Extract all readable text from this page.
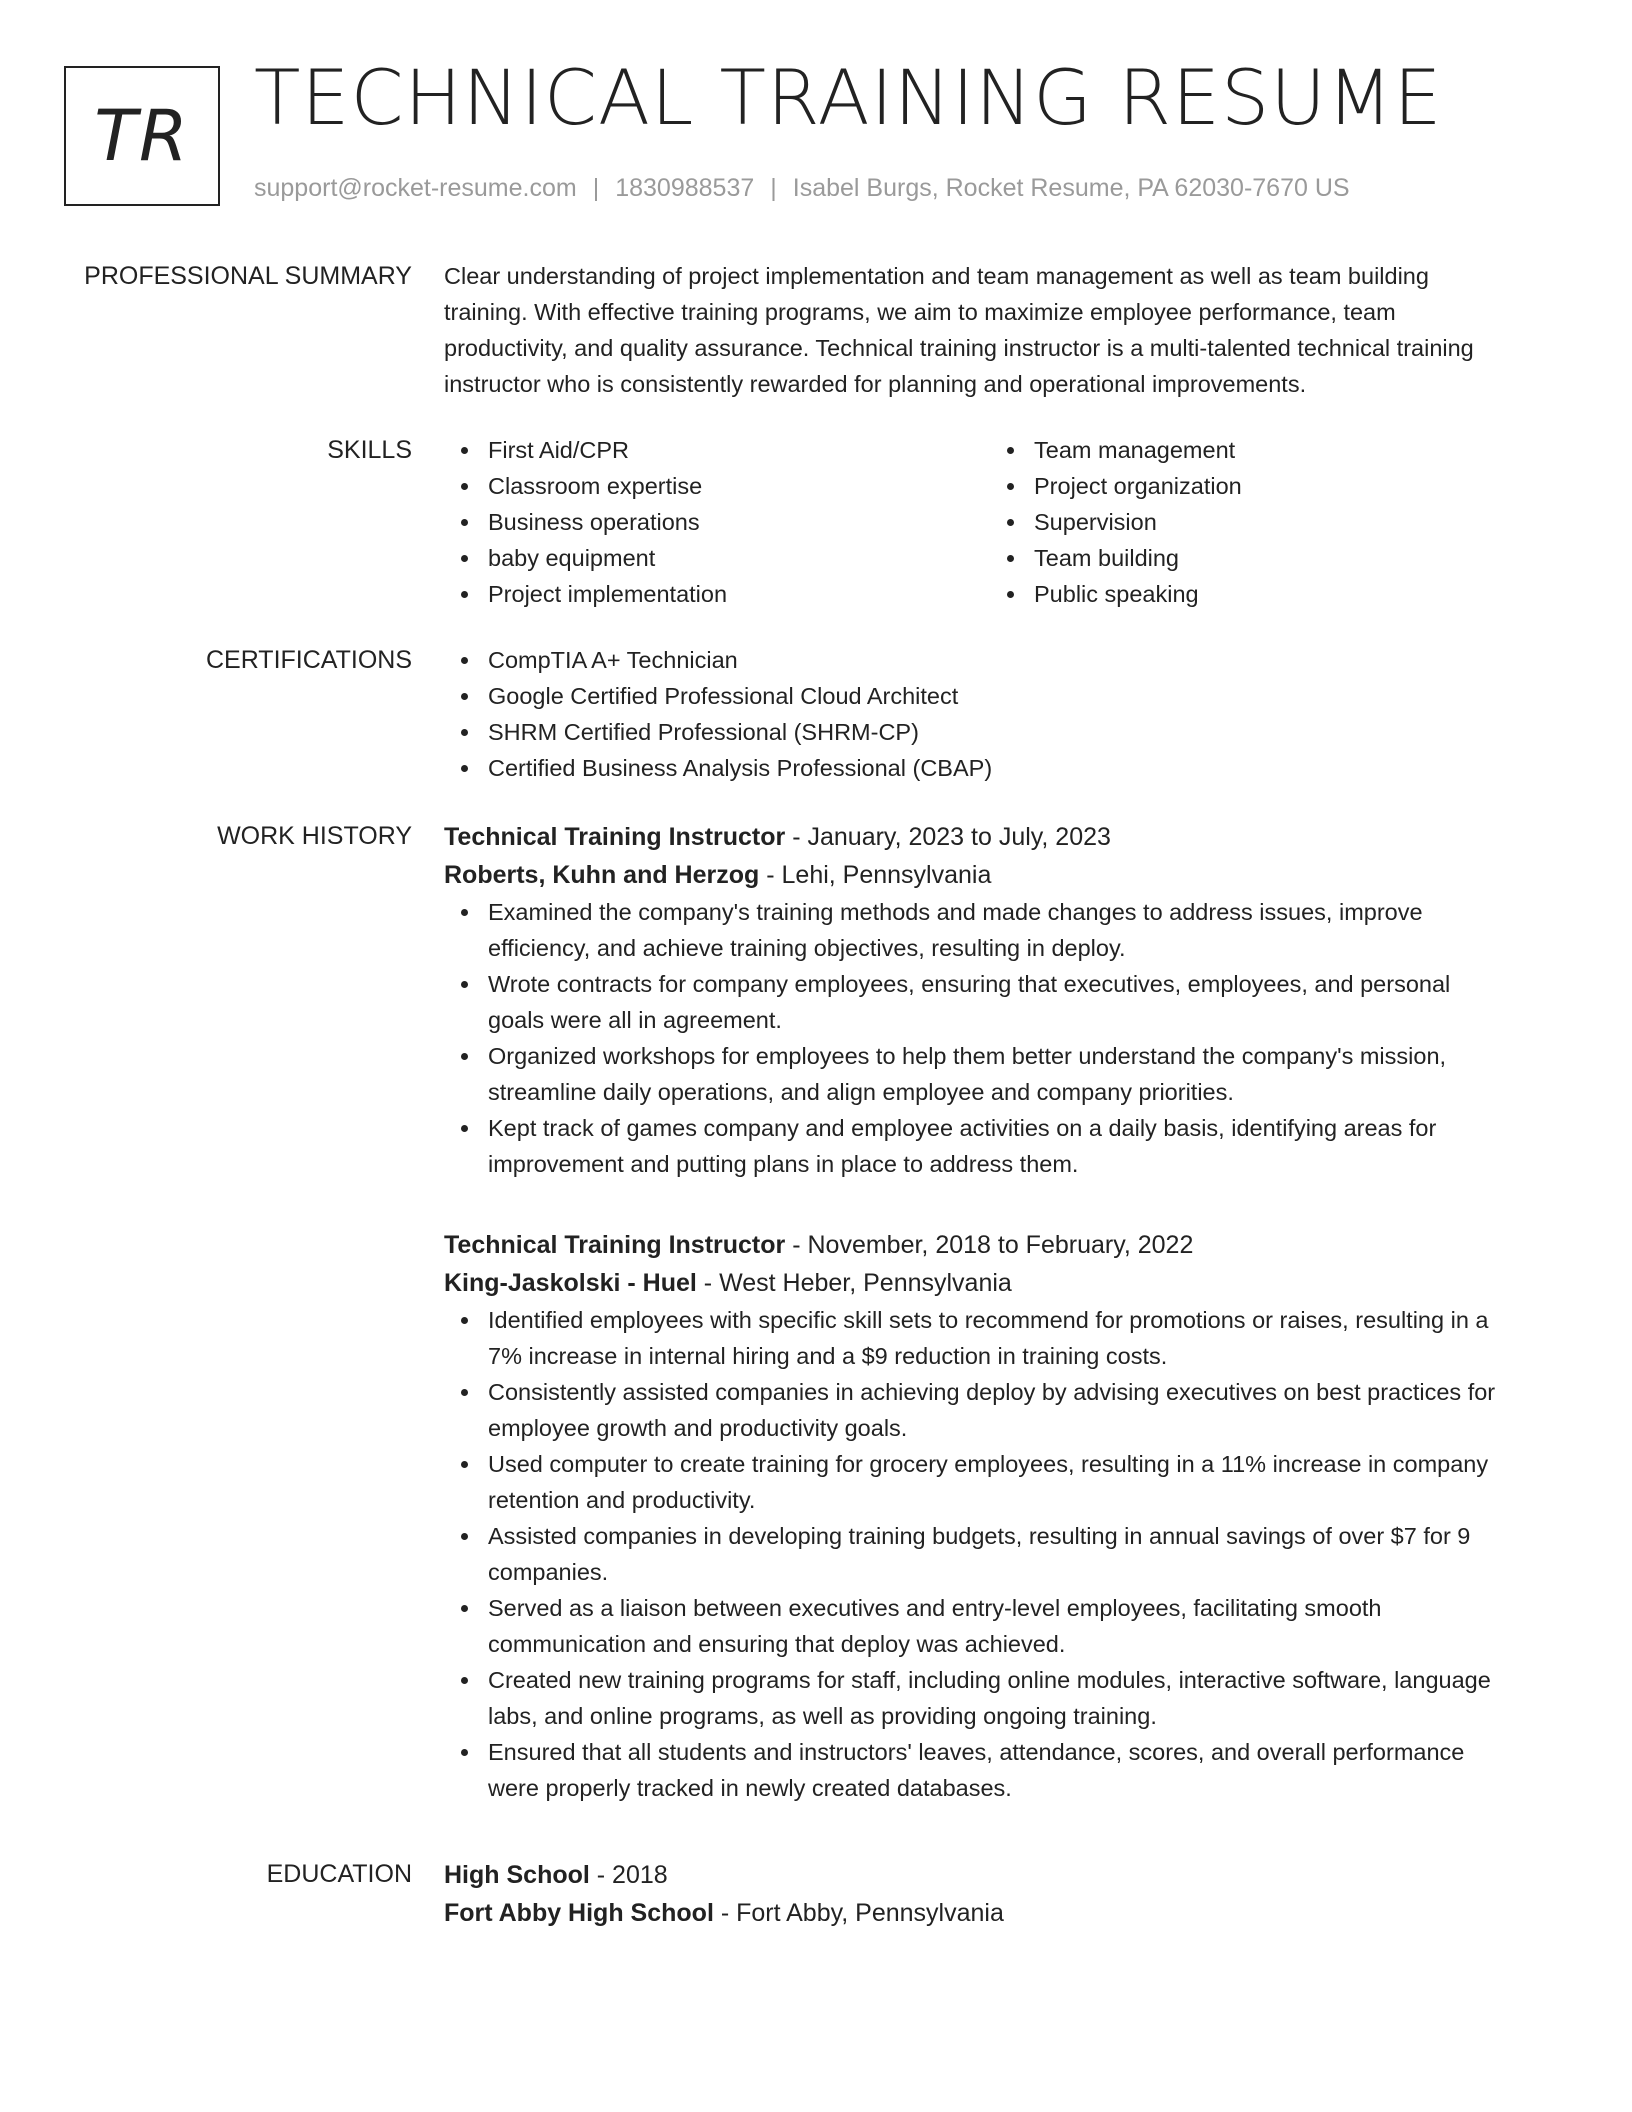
TR TECHNICAL TRAINING RESUME
support@rocket-resume.com | 1830988537 | Isabel Burgs, Rocket Resume, PA 62030-7670 US
PROFESSIONAL SUMMARY Clear understanding of project implementation and team management as well as team building

training. With effective training programs, we aim to maximize employee performance, team

productivity, and quality assurance. Technical training instructor is a multi-talented technical training

instructor who is consistently rewarded for planning and operational improvements.

SKILLS	First Aid/CPR
Classroom expertise
Business operations
baby equipment
Project implementation
Team management
Project organization
Supervision
Team building
Public speaking
CERTIFICATIONS	CompTIA A+ Technician
Google Certified Professional Cloud Architect
SHRM Certified Professional (SHRM-CP)
Certified Business Analysis Professional (CBAP)
WORK HISTORY Technical Training Instructor - January, 2023 to July, 2023
Roberts, Kuhn and Herzog - Lehi, Pennsylvania
Examined the company's training methods and made changes to address issues, improve
efficiency, and achieve training objectives, resulting in deploy.
Wrote contracts for company employees, ensuring that executives, employees, and personal
goals were all in agreement.
Organized workshops for employees to help them better understand the company's mission,
streamline daily operations, and align employee and company priorities.
Kept track of games company and employee activities on a daily basis, identifying areas for
improvement and putting plans in place to address them.
Technical Training Instructor - November, 2018 to February, 2022
King-Jaskolski - Huel - West Heber, Pennsylvania
Identified employees with specific skill sets to recommend for promotions or raises, resulting in a
7% increase in internal hiring and a $9 reduction in training costs.
Consistently assisted companies in achieving deploy by advising executives on best practices for
employee growth and productivity goals.
Used computer to create training for grocery employees, resulting in a 11% increase in company
retention and productivity.
Assisted companies in developing training budgets, resulting in annual savings of over $7 for 9
companies.
Served as a liaison between executives and entry-level employees, facilitating smooth
communication and ensuring that deploy was achieved.
Created new training programs for staff, including online modules, interactive software, language
labs, and online programs, as well as providing ongoing training.
Ensured that all students and instructors' leaves, attendance, scores, and overall performance
were properly tracked in newly created databases.
EDUCATION High School - 2018
Fort Abby High School - Fort Abby, Pennsylvania
